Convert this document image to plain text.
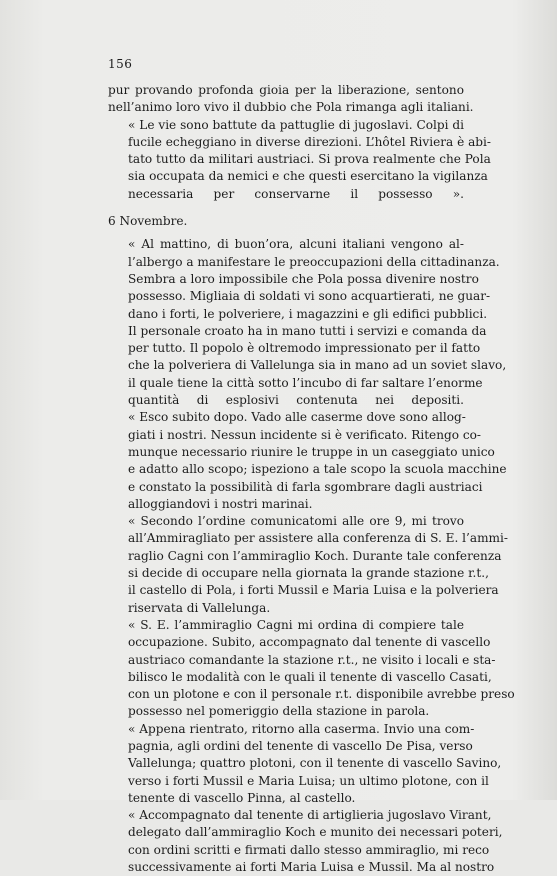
156

pur provando profonda gioia per la liberazione, sentono
nell’animo loro vivo il dubbio che Pola rimanga agli italiani.

« Le vie sono battute da pattuglie di jugoslavi. Colpi di
fucile echeggiano in diverse direzioni. L’hôtel Riviera è abi-
tato tutto da militari austriaci. Si prova realmente che Pola
sia occupata da nemici e che questi esercitano la vigilanza
necessaria per conservarne il possesso ».

6 Novembre.

« Al mattino, di buon’ora, alcuni italiani vengono al-
l’albergo a manifestare le preoccupazioni della cittadinanza.
Sembra a loro impossibile che Pola possa divenire nostro
possesso. Migliaia di soldati vi sono acquartierati, ne guar-
dano i forti, le polveriere, i magazzini e gli edifici pubblici.
Il personale croato ha in mano tutti i servizi e comanda da
per tutto. Il popolo è oltremodo impressionato per il fatto
che la polveriera di Vallelunga sia in mano ad un soviet slavo,
il quale tiene la città sotto l’incubo di far saltare l’enorme
quantità di esplosivi contenuta nei depositi.

« Esco subito dopo. Vado alle caserme dove sono allog-
giati i nostri. Nessun incidente si è verificato. Ritengo co-
munque necessario riunire le truppe in un caseggiato unico
e adatto allo scopo; ispeziono a tale scopo la scuola macchine
e constato la possibilità di farla sgombrare dagli austriaci
alloggiandovi i nostri marinai.

« Secondo l’ordine comunicatomi alle ore 9, mi trovo
all’Ammiragliato per assistere alla conferenza di S. E. l’ammi-
raglio Cagni con l’ammiraglio Koch. Durante tale conferenza
si decide di occupare nella giornata la grande stazione r.t.,
il castello di Pola, i forti Mussil e Maria Luisa e la polveriera
riservata di Vallelunga.

« S. E. l’ammiraglio Cagni mi ordina di compiere tale
occupazione. Subito, accompagnato dal tenente di vascello
austriaco comandante la stazione r.t., ne visito i locali e sta-
bilisco le modalità con le quali il tenente di vascello Casati,
con un plotone e con il personale r.t. disponibile avrebbe preso
possesso nel pomeriggio della stazione in parola.

« Appena rientrato, ritorno alla caserma. Invio una com-
pagnia, agli ordini del tenente di vascello De Pisa, verso
Vallelunga; quattro plotoni, con il tenente di vascello Savino,
verso i forti Mussil e Maria Luisa; un ultimo plotone, con il
tenente di vascello Pinna, al castello.

« Accompagnato dal tenente di artiglieria jugoslavo Virant,
delegato dall’ammiraglio Koch e munito dei necessari poteri,
con ordini scritti e firmati dallo stesso ammiraglio, mi reco
successivamente ai forti Maria Luisa e Mussil. Ma al nostro
